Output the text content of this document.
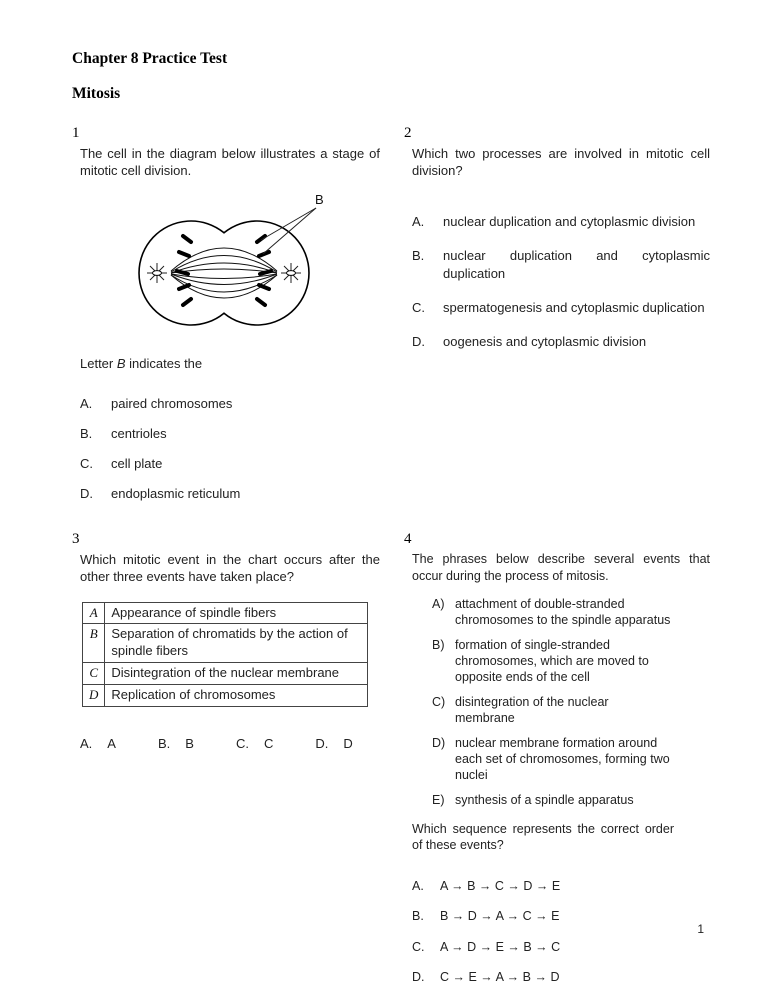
Chapter 8 Practice Test
Mitosis
1

The cell in the diagram below illustrates a stage of mitotic cell division.

B

Letter B indicates the

A.	paired chromosomes
B.	centrioles
C.	cell plate
D.	endoplasmic reticulum
2

Which two processes are involved in mitotic cell division?

A.	nuclear duplication and cytoplasmic division
B.	nuclear duplication and cytoplasmic duplication
C.	spermatogenesis and cytoplasmic duplication
D.	oogenesis and cytoplasmic division
3

Which mitotic event in the chart occurs after the other three events have taken place?

A	Appearance of spindle fibers
B	Separation of chromatids by the action of spindle fibers
C	Disintegration of the nuclear membrane
D	Replication of chromosomes
A. A	B. B	C. C	D. D
4

The phrases below describe several events that occur during the process of mitosis.

A) attachment of double-stranded chromosomes to the spindle apparatus
B) formation of single-stranded chromosomes, which are moved to opposite ends of the cell
C) disintegration of the nuclear membrane
D) nuclear membrane formation around each set of chromosomes, forming two nuclei
E) synthesis of a spindle apparatus

Which sequence represents the correct order of these events?

A.	A → B → C → D → E
B.	B → D → A → C → E
C.	A → D → E → B → C
D.	C → E → A → B → D
1
